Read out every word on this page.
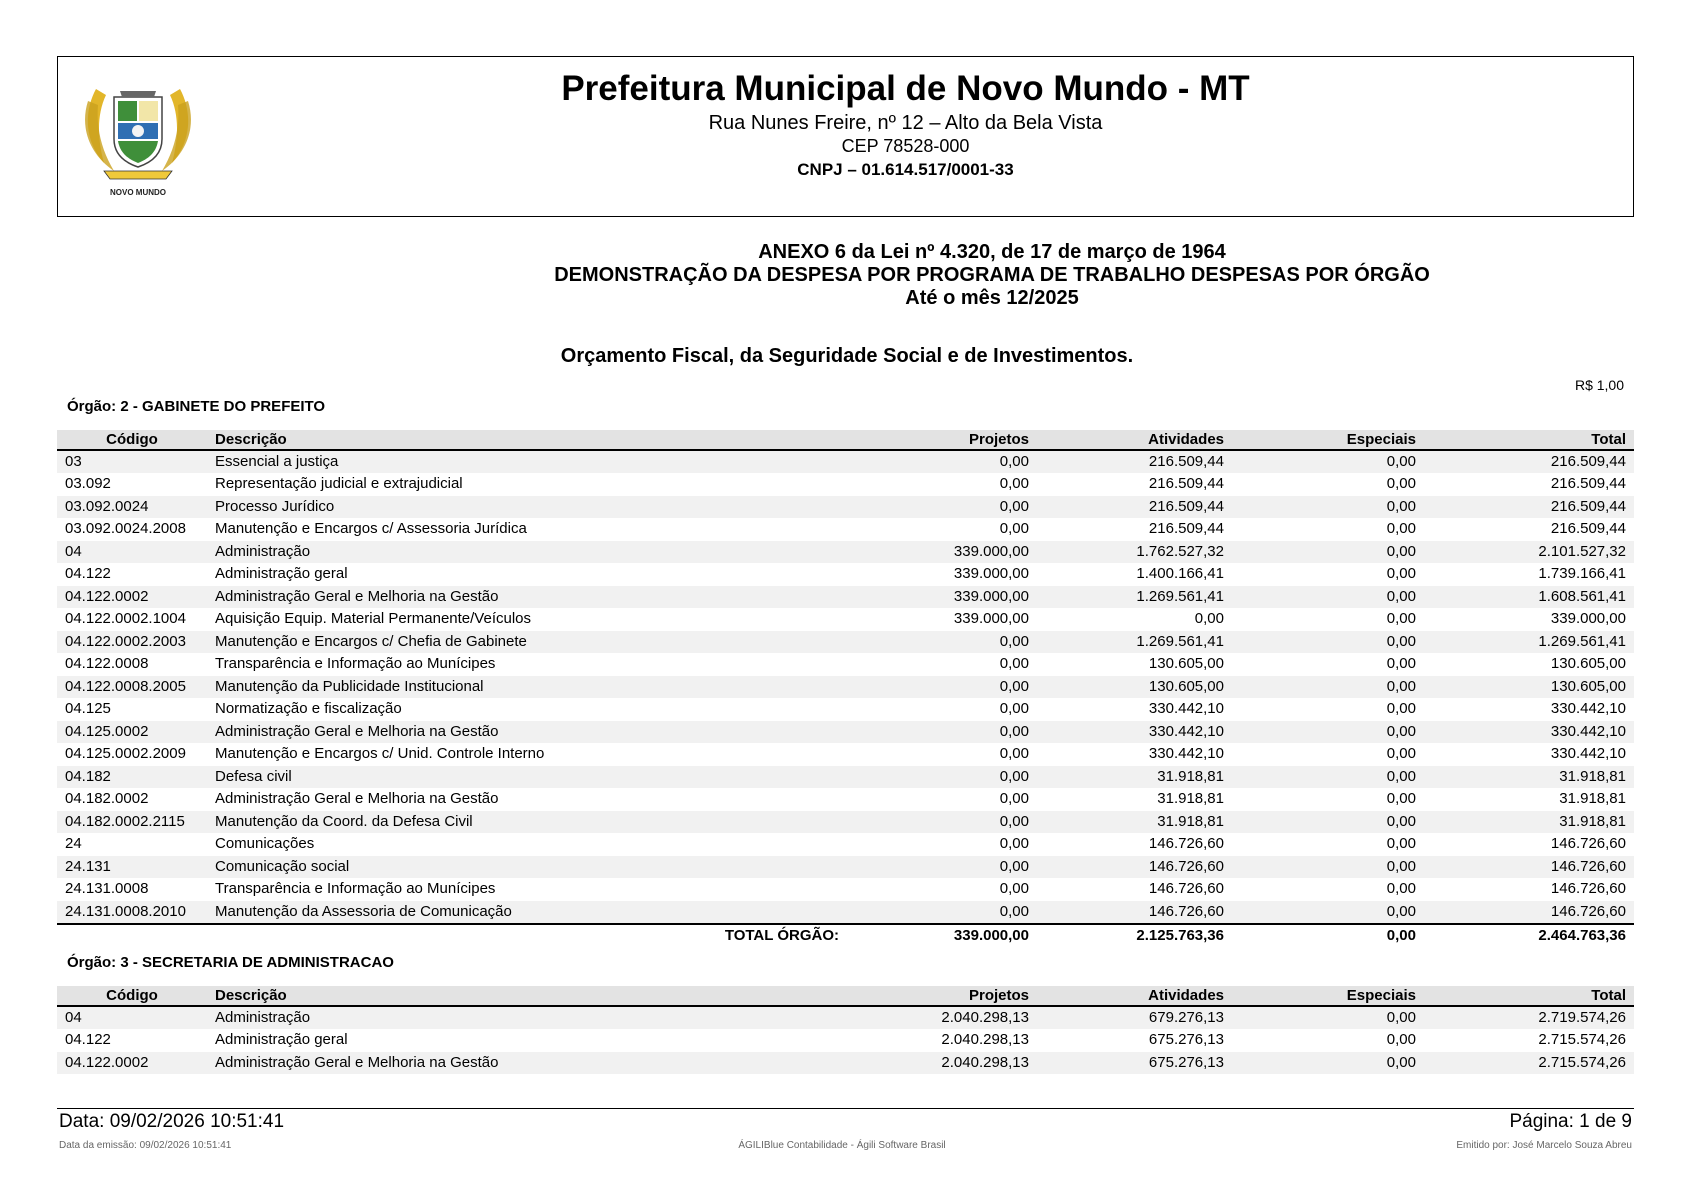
NOVO MUNDO
Prefeitura Municipal de Novo Mundo - MT
Rua Nunes Freire, nº 12 – Alto da Bela Vista
CEP 78528-000
CNPJ – 01.614.517/0001-33
ANEXO 6 da Lei nº 4.320, de 17 de março de 1964
DEMONSTRAÇÃO DA DESPESA POR PROGRAMA DE TRABALHO DESPESAS POR ÓRGÃO
Até o mês 12/2025
Orçamento Fiscal, da Seguridade Social e de Investimentos.
R$ 1,00
Órgão: 2 - GABINETE DO PREFEITO
Código	Descrição	Projetos	Atividades	Especiais	Total
03	Essencial a justiça	0,00	216.509,44	0,00	216.509,44
03.092	Representação judicial e extrajudicial	0,00	216.509,44	0,00	216.509,44
03.092.0024	Processo Jurídico	0,00	216.509,44	0,00	216.509,44
03.092.0024.2008	Manutenção e Encargos c/ Assessoria Jurídica	0,00	216.509,44	0,00	216.509,44
04	Administração	339.000,00	1.762.527,32	0,00	2.101.527,32
04.122	Administração geral	339.000,00	1.400.166,41	0,00	1.739.166,41
04.122.0002	Administração Geral e Melhoria na Gestão	339.000,00	1.269.561,41	0,00	1.608.561,41
04.122.0002.1004	Aquisição Equip. Material Permanente/Veículos	339.000,00	0,00	0,00	339.000,00
04.122.0002.2003	Manutenção e Encargos c/ Chefia de Gabinete	0,00	1.269.561,41	0,00	1.269.561,41
04.122.0008	Transparência e Informação ao Munícipes	0,00	130.605,00	0,00	130.605,00
04.122.0008.2005	Manutenção da Publicidade Institucional	0,00	130.605,00	0,00	130.605,00
04.125	Normatização e fiscalização	0,00	330.442,10	0,00	330.442,10
04.125.0002	Administração Geral e Melhoria na Gestão	0,00	330.442,10	0,00	330.442,10
04.125.0002.2009	Manutenção e Encargos c/ Unid. Controle Interno	0,00	330.442,10	0,00	330.442,10
04.182	Defesa civil	0,00	31.918,81	0,00	31.918,81
04.182.0002	Administração Geral e Melhoria na Gestão	0,00	31.918,81	0,00	31.918,81
04.182.0002.2115	Manutenção da Coord. da Defesa Civil	0,00	31.918,81	0,00	31.918,81
24	Comunicações	0,00	146.726,60	0,00	146.726,60
24.131	Comunicação social	0,00	146.726,60	0,00	146.726,60
24.131.0008	Transparência e Informação ao Munícipes	0,00	146.726,60	0,00	146.726,60
24.131.0008.2010	Manutenção da Assessoria de Comunicação	0,00	146.726,60	0,00	146.726,60
	TOTAL ÓRGÃO:	339.000,00	2.125.763,36	0,00	2.464.763,36
Órgão: 3 - SECRETARIA DE ADMINISTRACAO
Código	Descrição	Projetos	Atividades	Especiais	Total
04	Administração	2.040.298,13	679.276,13	0,00	2.719.574,26
04.122	Administração geral	2.040.298,13	675.276,13	0,00	2.715.574,26
04.122.0002	Administração Geral e Melhoria na Gestão	2.040.298,13	675.276,13	0,00	2.715.574,26
Data: 09/02/2026 10:51:41	Página: 1 de 9
Data da emissão: 09/02/2026 10:51:41	ÁGILIBlue Contabilidade - Ágili Software Brasil	Emitido por: José Marcelo Souza Abreu
